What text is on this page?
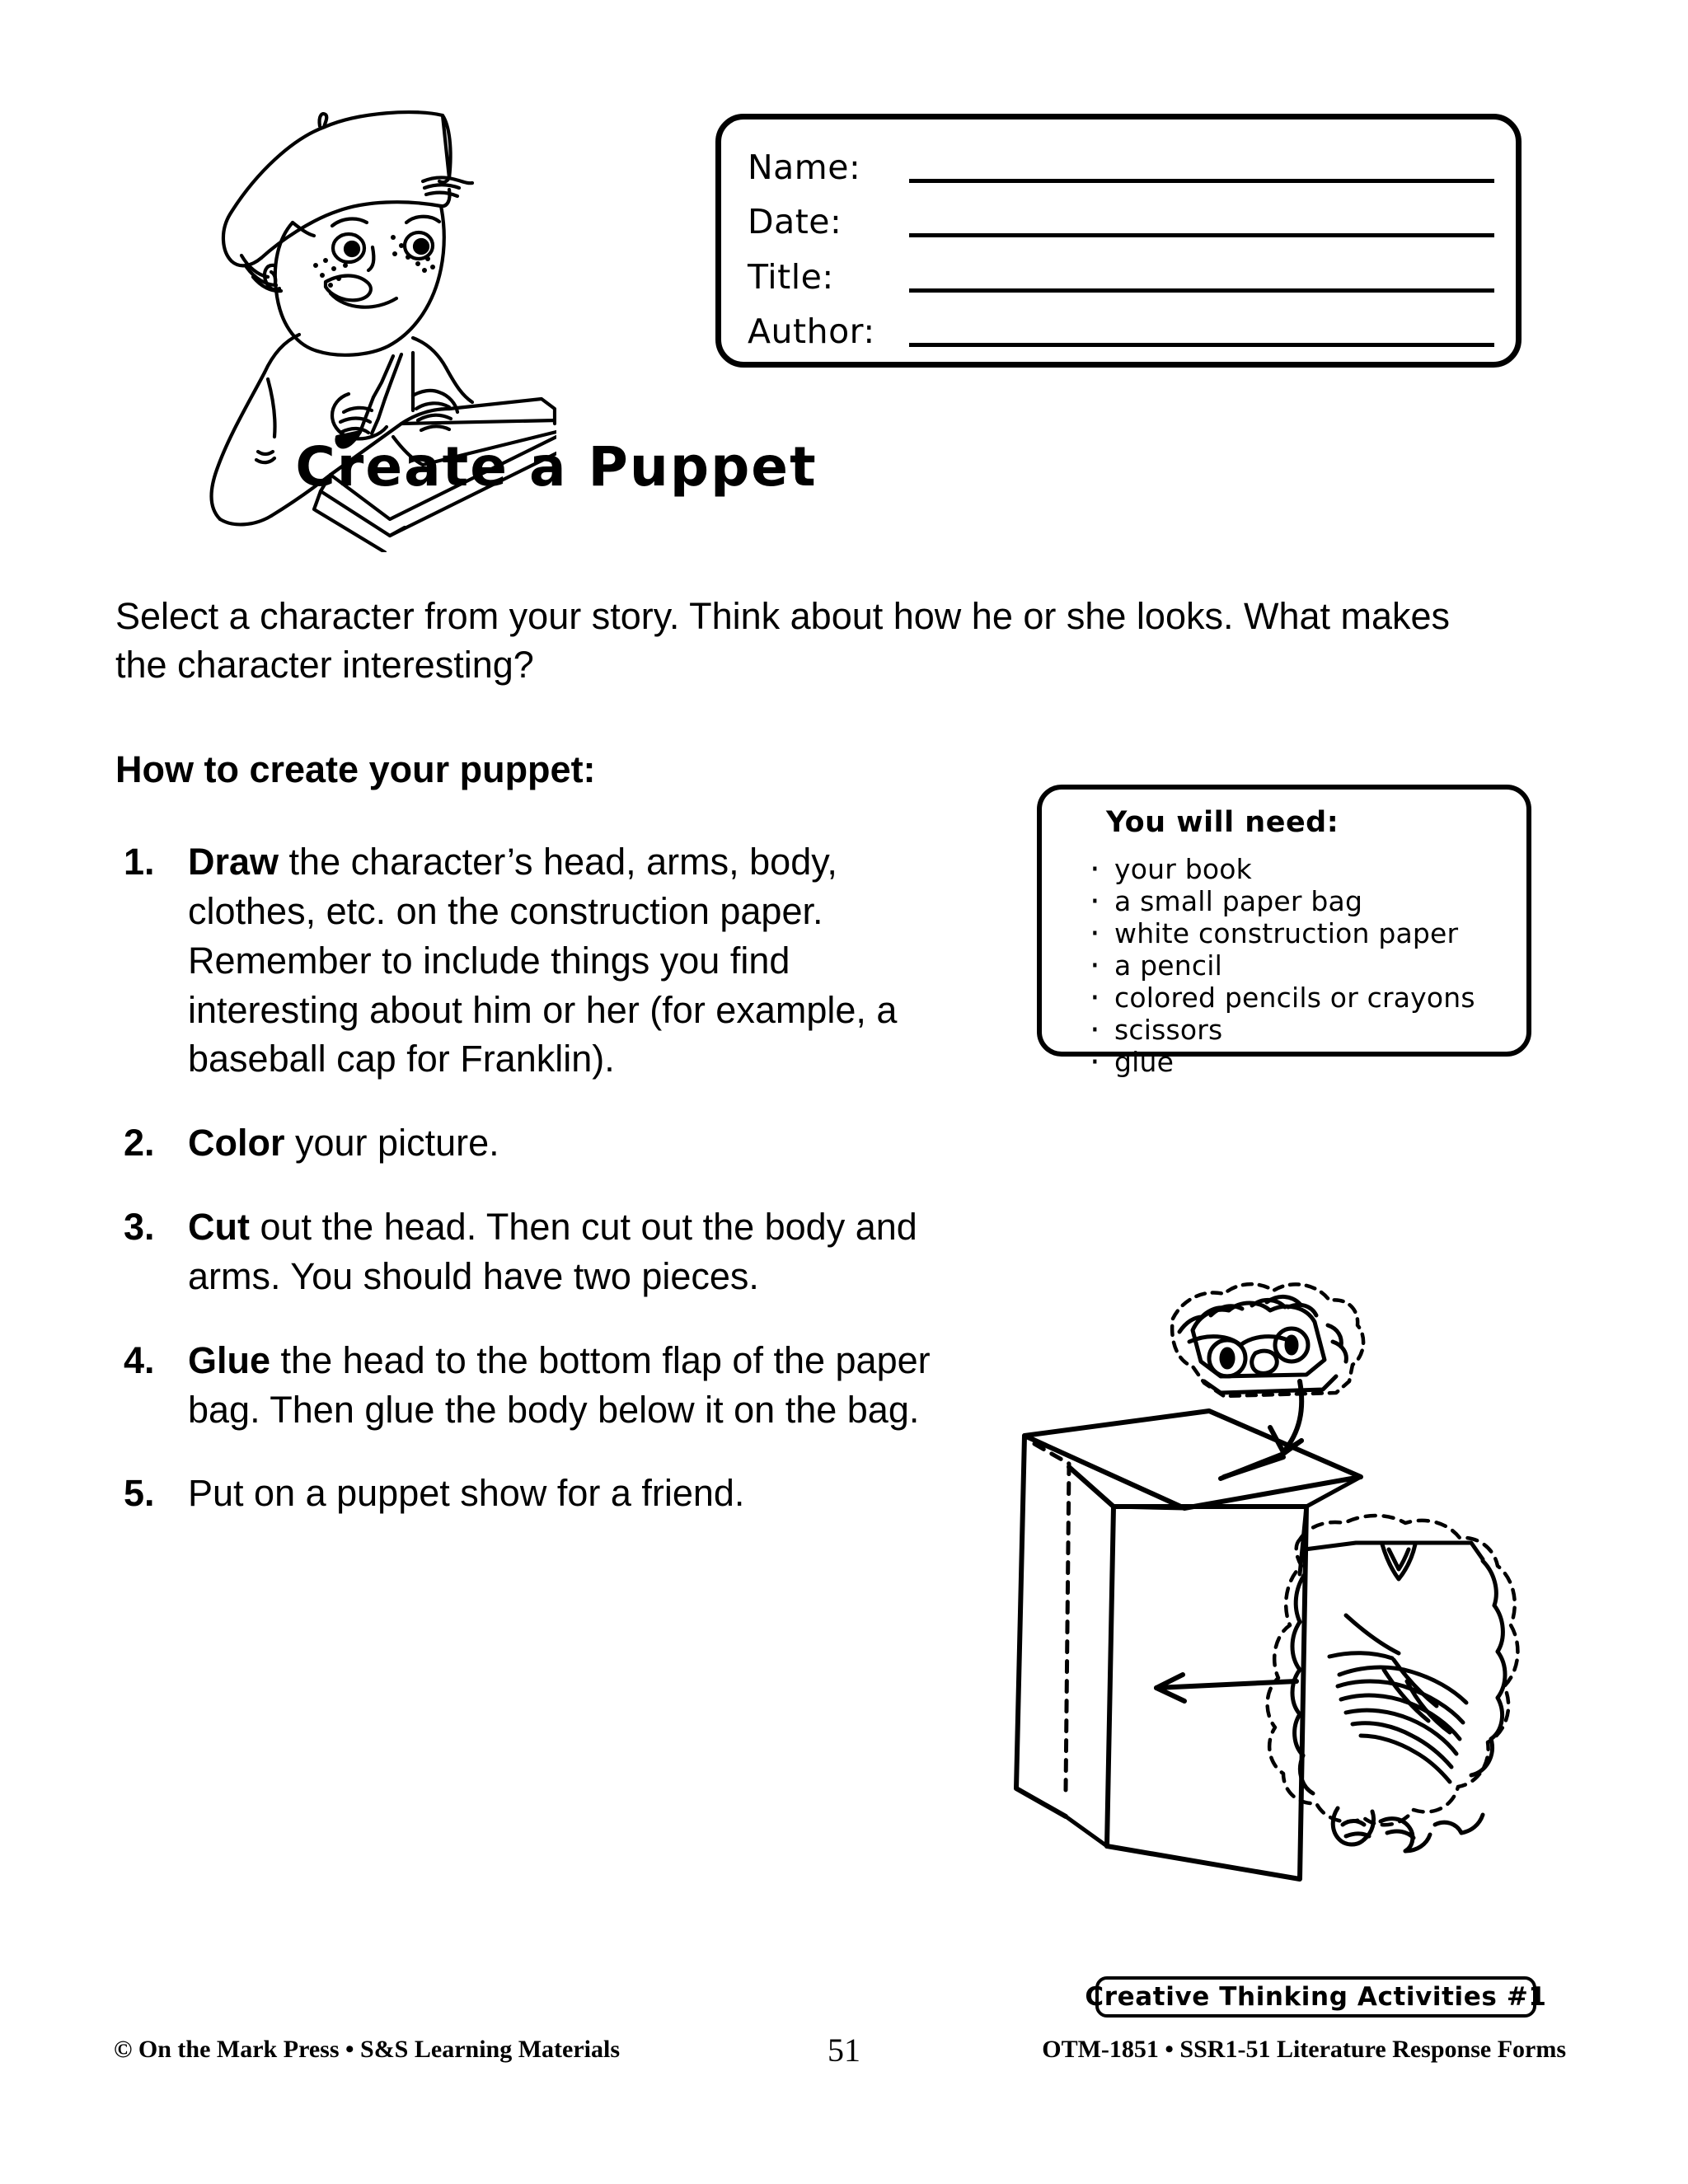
Name:
Date:
Title:
Author:
Create a Puppet
Select a character from your story. Think about how he or she looks. What makes the character interesting?
How to create your puppet:
1. Draw the character’s head, arms, body, clothes, etc. on the construction paper. Remember to include things you find interesting about him or her (for example, a baseball cap for Franklin).
2. Color your picture.
3. Cut out the head. Then cut out the body and arms. You should have two pieces.
4. Glue the head to the bottom flap of the paper bag. Then glue the body below it on the bag.
5. Put on a puppet show for a friend.
You will need:
· your book
· a small paper bag
· white construction paper
· a pencil
· colored pencils or crayons
· scissors
· glue
Creative Thinking Activities #1
© On the Mark Press • S&S Learning Materials	51	OTM-1851 • SSR1-51 Literature Response Forms
